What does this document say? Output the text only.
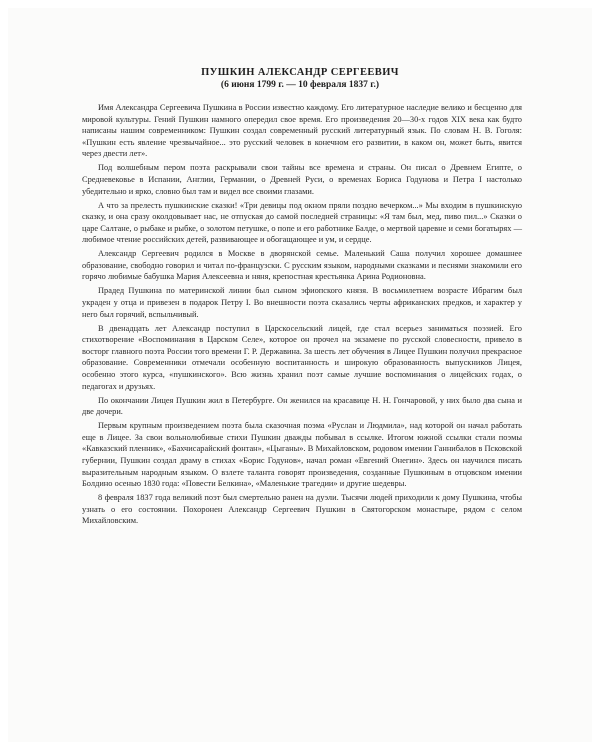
ПУШКИН АЛЕКСАНДР СЕРГЕЕВИЧ
(6 июня 1799 г. — 10 февраля 1837 г.)

Имя Александра Сергеевича Пушкина в России известно каждому. Его литературное наследие велико и бесценно для мировой культуры. Гений Пушкин намного опередил свое время. Его произведения 20—30-х годов XIX века как будто написаны нашим современником: Пушкин создал современный русский литературный язык. По словам Н. В. Гоголя: «Пушкин есть явление чрезвычайное... это русский человек в конечном его развитии, в каком он, может быть, явится через двести лет».

Под волшебным пером поэта раскрывали свои тайны все времена и страны. Он писал о Древнем Египте, о Средневековье в Испании, Англии, Германии, о Древней Руси, о временах Бориса Годунова и Петра I настолько убедительно и ярко, словно был там и видел все своими глазами.

А что за прелесть пушкинские сказки! «Три девицы под окном пряли поздно вечерком...» Мы входим в пушкинскую сказку, и она сразу околдовывает нас, не отпуская до самой последней страницы: «Я там был, мед, пиво пил...» Сказки о царе Салтане, о рыбаке и рыбке, о золотом петушке, о попе и его работнике Балде, о мертвой царевне и семи богатырях — любимое чтение российских детей, развивающее и обогащающее и ум, и сердце.

Александр Сергеевич родился в Москве в дворянской семье. Маленький Саша получил хорошее домашнее образование, свободно говорил и читал по-французски. С русским языком, народными сказками и песнями знакомили его горячо любимые бабушка Мария Алексеевна и няня, крепостная крестьянка Арина Родионовна.

Прадед Пушкина по материнской линии был сыном эфиопского князя. В восьмилетнем возрасте Ибрагим был украден у отца и привезен в подарок Петру I. Во внешности поэта сказались черты африканских предков, и характер у него был горячий, вспыльчивый.

В двенадцать лет Александр поступил в Царскосельский лицей, где стал всерьез заниматься поэзией. Его стихотворение «Воспоминания в Царском Селе», которое он прочел на экзамене по русской словесности, привело в восторг главного поэта России того времени Г. Р. Державина. За шесть лет обучения в Лицее Пушкин получил прекрасное образование. Современники отмечали особенную воспитанность и широкую образованность выпускников Лицея, особенно этого курса, «пушкинского». Всю жизнь хранил поэт самые лучшие воспоминания о лицейских годах, о педагогах и друзьях.

По окончании Лицея Пушкин жил в Петербурге. Он женился на красавице Н. Н. Гончаровой, у них было два сына и две дочери.

Первым крупным произведением поэта была сказочная поэма «Руслан и Людмила», над которой он начал работать еще в Лицее. За свои вольнолюбивые стихи Пушкин дважды побывал в ссылке. Итогом южной ссылки стали поэмы «Кавказский пленник», «Бахчисарайский фонтан», «Цыганы». В Михайловском, родовом имении Ганнибалов в Псковской губернии, Пушкин создал драму в стихах «Борис Годунов», начал роман «Евгений Онегин». Здесь он научился писать выразительным народным языком. О взлете таланта говорят произведения, созданные Пушкиным в отцовском имении Болдино осенью 1830 года: «Повести Белкина», «Маленькие трагедии» и другие шедевры.

8 февраля 1837 года великий поэт был смертельно ранен на дуэли. Тысячи людей приходили к дому Пушкина, чтобы узнать о его состоянии. Похоронен Александр Сергеевич Пушкин в Святогорском монастыре, рядом с селом Михайловским.
